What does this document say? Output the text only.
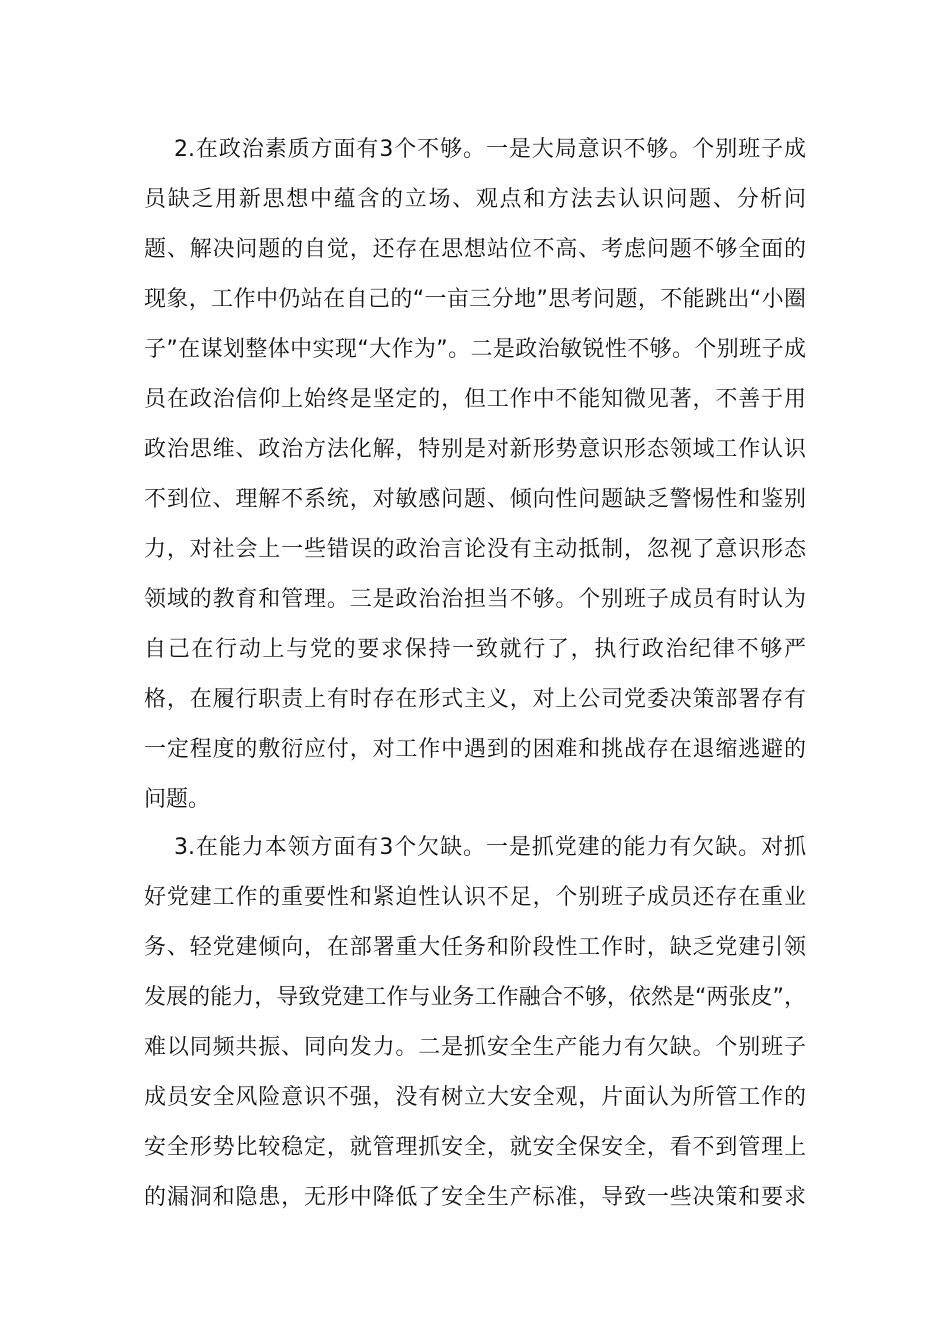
2.在政治素质方面有3个不够。一是大局意识不够。个别班子成
员缺乏用新思想中蕴含的立场、观点和方法去认识问题、分析问
题、解决问题的自觉，还存在思想站位不高、考虑问题不够全面的
现象，工作中仍站在自己的“一亩三分地”思考问题，不能跳出“小圈
子”在谋划整体中实现“大作为”。二是政治敏锐性不够。个别班子成
员在政治信仰上始终是坚定的，但工作中不能知微见著，不善于用
政治思维、政治方法化解，特别是对新形势意识形态领域工作认识
不到位、理解不系统，对敏感问题、倾向性问题缺乏警惕性和鉴别
力，对社会上一些错误的政治言论没有主动抵制，忽视了意识形态
领域的教育和管理。三是政治治担当不够。个别班子成员有时认为
自己在行动上与党的要求保持一致就行了，执行政治纪律不够严
格，在履行职责上有时存在形式主义，对上公司党委决策部署存有
一定程度的敷衍应付，对工作中遇到的困难和挑战存在退缩逃避的
问题。
3.在能力本领方面有3个欠缺。一是抓党建的能力有欠缺。对抓
好党建工作的重要性和紧迫性认识不足，个别班子成员还存在重业
务、轻党建倾向，在部署重大任务和阶段性工作时，缺乏党建引领
发展的能力，导致党建工作与业务工作融合不够，依然是“两张皮”，
难以同频共振、同向发力。二是抓安全生产能力有欠缺。个别班子
成员安全风险意识不强，没有树立大安全观，片面认为所管工作的
安全形势比较稳定，就管理抓安全，就安全保安全，看不到管理上
的漏洞和隐患，无形中降低了安全生产标准，导致一些决策和要求
